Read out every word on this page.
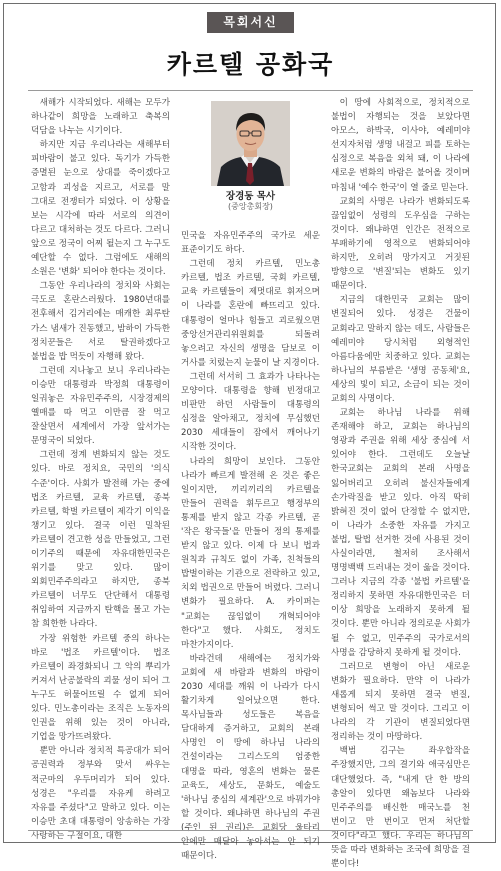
목회서신
카르텔 공화국

새해가 시작되었다. 새해는 모두가 하나같이 희망을 노래하고 축복의 덕담을 나누는 시기이다.

하지만 지금 우리나라는 새해부터 피바람이 불고 있다. 독기가 가득한 증멸된 눈으로 상대를 죽이겠다고 고함과 괴성을 지르고, 서로를 말 그대로 전쟁터가 되었다. 이 상황을 보는 시각에 따라 서로의 의견이 다르고 대처하는 것도 다르다. 그러니 앞으로 정국이 어찌 될는지 그 누구도 예단할 수 없다. 그럼에도 새해의 소원은 '변화' 되어야 한다는 것이다.

그동안 우리나라의 정치와 사회는 극도로 혼란스러웠다. 1980년대를 전후해서 김거리에는 매캐한 최루탄 가스 냄새가 진동했고, 밤하이 가득한 정치꾼들은 서로 탈권하겠다고 불법을 밥 먹듯이 자행해 왔다.

그런데 지나놓고 보니 우리나라는 이승만 대통령과 박정희 대통령이 일궈놓은 자유민주주의, 시장경제의 옐매를 따 먹고 이만큼 잘 먹고 잘살면서 세계에서 가장 앞서가는 문명국이 되었다.

그런데 정계 변화되지 않는 것도 있다. 바로 정치요, 국민의 '의식 수준'이다. 사회가 발전해 가는 중에 법조 카르텔, 교육 카르텔, 종북 카르텔, 학벌 카르텔이 제각기 이익을 챙기고 있다. 결국 이런 밀착된 카르텔이 견고한 성을 만들었고, 그런 이기주의 때문에 자유대한민국은 위기를 맞고 있다. 많이 외회민주주의라고 하지만, 종북 카르텔이 너무도 단단해서 대통령 취임하여 지금까지 탄핵을 몰고 가는 참 희한한 나라다.

가장 위험한 카르텔 중의 하나는 바로 '법조 카르텔'이다. 법조 카르텔이 좌경화되니 그 악의 뿌리가 커져서 난공불락의 괴물 성이 되어 그 누구도 허물어뜨릴 수 없게 되어 있다. 민노총이라는 조직은 노동자의 인권을 위해 있는 것이 아니라, 기업을 망가뜨려왔다.

뿐만 아니라 정치적 특공대가 되어 공권력과 정부와 맞서 싸우는 적군마의 우두머리가 되어 있다. 성경은 "우리를 자유케 하려고 자유를 주셨다"고 말하고 있다. 이는 이승만 초대 대통령이 앙송하는 가장 사랑하는 구절이요, 대한

장경동 목사
(중앙총회장)

민국을 자유민주주의 국가로 세운 표준이기도 하다.

그런데 정치 카르텔, 민노총 카르텔, 법조 카르텔, 국회 카르텔, 교육 카르텔들이 제멋대로 휘저으며 이 나라를 혼란에 빠뜨리고 있다. 대통령이 얼마나 힘들고 괴로웠으면 중앙선거관리위원회를 되돌려 놓으려고 자신의 생명을 담보로 이 거사를 치렀는지 눈물이 날 지경이다.

그런데 서서히 그 효과가 나타나는 모양이다. 대통령을 향해 빈정대고 비판만 하던 사람들이 대통령의 심정을 알아채고, 정치에 무심했던 2030 세대들이 잠에서 깨어나기 시작한 것이다.

나라의 희망이 보인다. 그동안 나라가 빠르게 발전해 온 것은 좋은 일이지만, 끼리끼리의 카르텔을 만들어 권력을 휘두르고 행정부의 통제를 받지 않고 각종 카르텔, 곧 '작은 왕국들'을 만들어 정의 통제를 받지 않고 있다. 이제 다 보니 법과 원칙과 규칙도 없이 가족, 친척들의 밥벌이하는 기관으로 전락하고 있고, 치외 법권으로 만들어 버렸다. 그러니 변화가 필요하다. A. 카이퍼는 "교회는 끊임없이 개혁되어야 한다"고 했다. 사회도, 정치도 마찬가지이다.

바라건데 새해에는 정치가와 교회에 새 바람과 변화의 바람이 2030 세대를 깨워 이 나라가 다시 활기차게 일어났으면 한다. 목사님들과 성도들은 복음을 담대하게 증거하고, 교회의 본래 사명인 이 땅에 하나님 나라의 건설이라는 그리스도의 엄중한 대명을 따라, 영혼의 변화는 물론 교육도, 세상도, 문화도, 예술도 '하나님 중심의 세계관'으로 바꿔가야 할 것이다. 왜냐하면 하나님의 주권(주인 된 권리)은 교회당 울타리 안에만 매달아 놓아서는 안 되기 때문이다.

이 땅에 사회적으로, 정치적으로 불법이 자행되는 것을 보았다면 아모스, 하박국, 이사야, 예레미야 선지자처럼 생명 내걸고 피를 토하는 심정으로 복음을 외쳐 돼, 이 나라에 새로운 변화의 바람은 불어올 것이며 마침내 '예수 한국'이 열 줄로 믿는다.

교회의 사명은 나라가 변화되도록 끊임없이 성령의 도우심을 구하는 것이다. 왜냐하면 인간은 전적으로 부패하기에 영적으로 변화되어야 하지만, 오히려 망가지고 거짓된 방향으로 '변질'되는 변화도 있기 때문이다.

지금의 대한민국 교회는 많이 변질되어 있다. 성경은 건물이 교회라고 말하지 않는 데도, 사람들은 예레미야 당시처럼 외형적인 아름다움에만 치중하고 있다. 교회는 하나님의 부름받은 '생명 공동체'요, 세상의 빛이 되고, 소금이 되는 것이 교회의 사명이다.

교회는 하나님 나라를 위해 존재해야 하고, 교회는 하나님의 영광과 주권을 위해 세상 중심에 서 있어야 한다. 그런데도 오늘날 한국교회는 교회의 본래 사명을 잃어버리고 오히려 불신자들에게 손가락질을 받고 있다. 아직 딱히 밝혀진 것이 없어 단정할 수 없지만, 이 나라가 소중한 자유를 가지고 불법, 탈법 선거한 것에 사용된 것이 사실이라면, 철저히 조사해서 명명백백 드러내는 것이 옳을 것이다. 그러나 지금의 각종 '불법 카르텔'을 정리하지 못하면 자유대한민국은 더 이상 희망을 노래하지 못하게 될 것이다. 뿐만 아니라 정의로운 사회가 될 수 없고, 민주주의 국가로서의 사명을 감당하지 못하게 될 것이다.

그러므로 변형이 아닌 새로운 변화가 필요하다. 만약 이 나라가 새롭게 되지 못하면 결국 변질, 변형되어 썩고 말 것이다. 그리고 이 나라의 각 기관이 변질되었다면 정리하는 것이 마땅하다.

백범 김구는 좌우합작을 주장했지만, 그의 결기와 애국심만은 대단했었다. 즉, "내게 단 한 방의 총알이 있다면 왜놈보다 나라와 민주주의를 배신한 매국노를 천 번이고 만 번이고 먼저 처단할 것이다"라고 했다. 우리는 하나님의 뜻을 따라 변화하는 조국에 희망을 걸 뿐이다!
